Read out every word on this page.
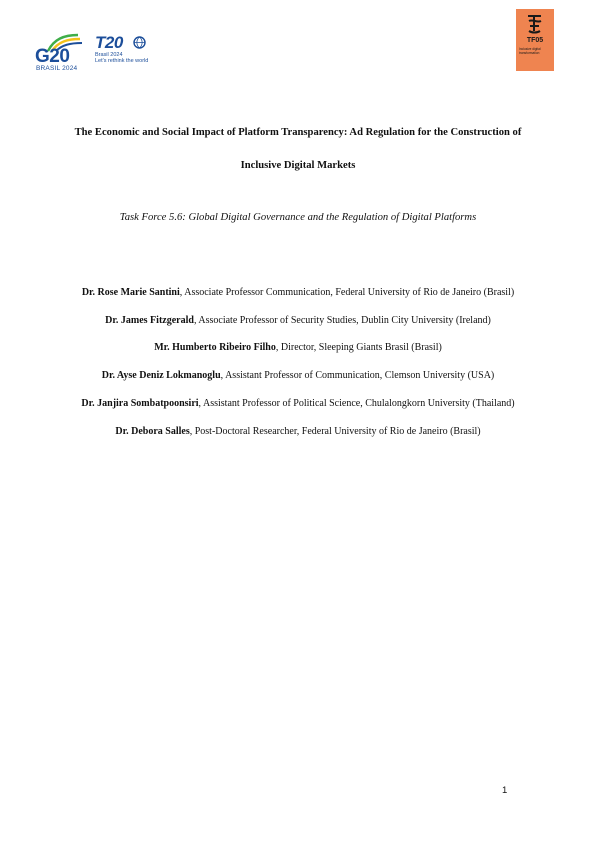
G20
BRASIL 2024
T20
Brasil 2024
Let's rethink the world
TF05
Inclusive digital
transformation
The Economic and Social Impact of Platform Transparency: Ad Regulation for the Construction of Inclusive Digital Markets
Task Force 5.6: Global Digital Governance and the Regulation of Digital Platforms
Dr. Rose Marie Santini, Associate Professor Communication, Federal University of Rio de Janeiro (Brasil)
Dr. James Fitzgerald, Associate Professor of Security Studies, Dublin City University (Ireland)
Mr. Humberto Ribeiro Filho, Director, Sleeping Giants Brasil (Brasil)
Dr. Ayse Deniz Lokmanoglu, Assistant Professor of Communication, Clemson University (USA)
Dr. Janjira Sombatpoonsiri, Assistant Professor of Political Science, Chulalongkorn University (Thailand)
Dr. Debora Salles, Post-Doctoral Researcher, Federal University of Rio de Janeiro (Brasil)
1
